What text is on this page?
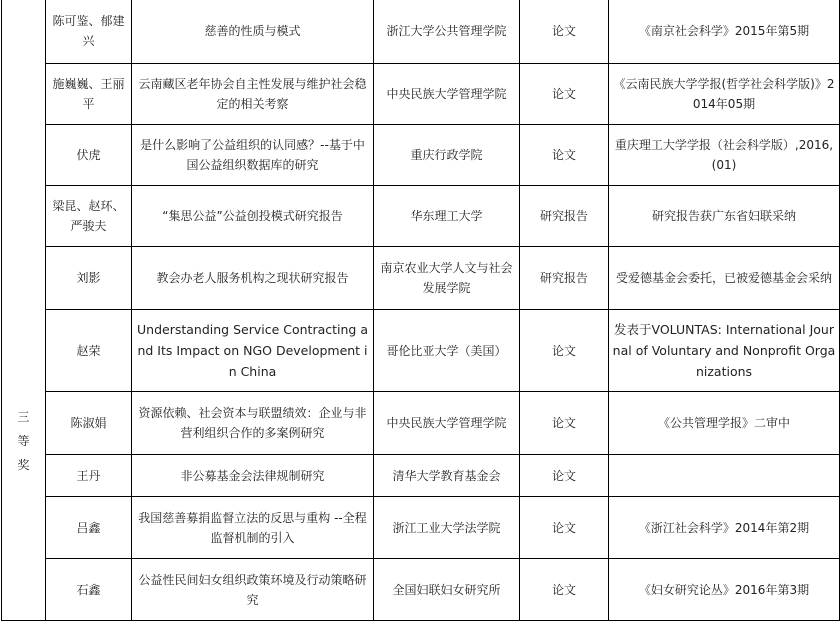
三
等
奖	陈可鉴、郁建兴	慈善的性质与模式	浙江大学公共管理学院	论文	《南京社会科学》2015年第5期
	施巍巍、王丽平	云南藏区老年协会自主性发展与维护社会稳定的相关考察	中央民族大学管理学院	论文	《云南民族大学学报(哲学社会科学版)》2014年05期
	伏虎	是什么影响了公益组织的认同感？--基于中国公益组织数据库的研究	重庆行政学院	论文	重庆理工大学学报（社会科学版）,2016,(01)
	梁昆、赵环、严骏夫	“集思公益”公益创投模式研究报告	华东理工大学	研究报告	研究报告获广东省妇联采纳
	刘影	教会办老人服务机构之现状研究报告	南京农业大学人文与社会发展学院	研究报告	受爱德基金会委托，已被爱德基金会采纳
	赵荣	Understanding Service Contracting and Its Impact on NGO Development in China	哥伦比亚大学（美国）	论文	发表于VOLUNTAS: International Journal of Voluntary and Nonprofit Organizations
	陈淑娟	资源依赖、社会资本与联盟绩效：企业与非营利组织合作的多案例研究	中央民族大学管理学院	论文	《公共管理学报》二审中
	王丹	非公募基金会法律规制研究	清华大学教育基金会	论文	
	吕鑫	我国慈善募捐监督立法的反思与重构 --全程监督机制的引入	浙江工业大学法学院	论文	《浙江社会科学》2014年第2期
	石鑫	公益性民间妇女组织政策环境及行动策略研究	全国妇联妇女研究所	论文	《妇女研究论丛》2016年第3期
